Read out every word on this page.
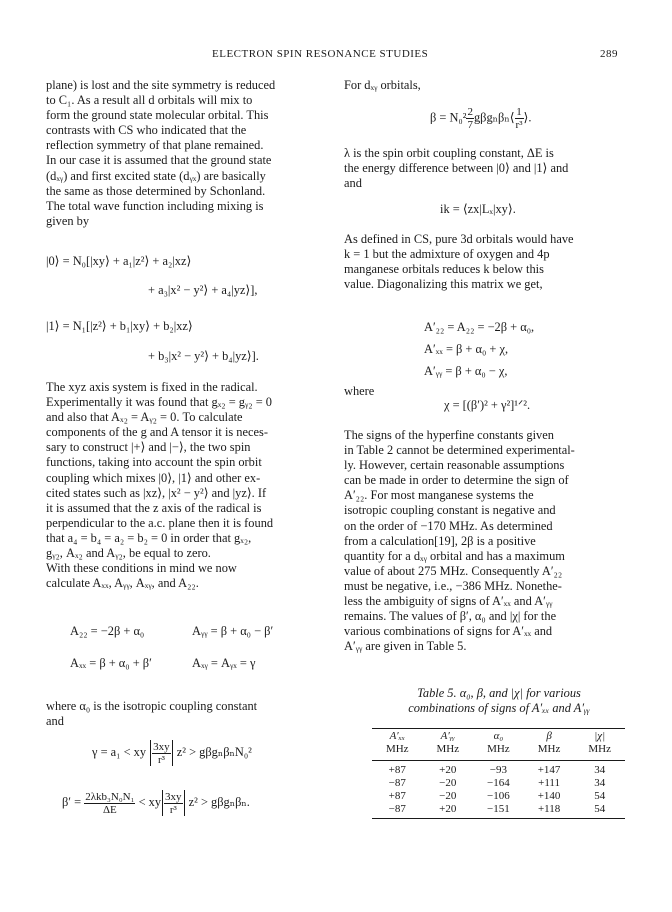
ELECTRON SPIN RESONANCE STUDIES	289

plane) is lost and the site symmetry is reduced

to C₁. As a result all d orbitals will mix to

form the ground state molecular orbital. This

contrasts with CS who indicated that the

reflection symmetry of that plane remained.

In our case it is assumed that the ground state

(dₓᵧ) and first excited state (dᵧₓ) are basically

the same as those determined by Schonland.

The total wave function including mixing is

given by

|0⟩ = N₀[|xy⟩ + a₁|z²⟩ + a₂|xz⟩
+ a₃|x² − y²⟩ + a₄|yz⟩],
|1⟩ = N₁[|z²⟩ + b₁|xy⟩ + b₂|xz⟩
+ b₃|x² − y²⟩ + b₄|yz⟩].

The xyz axis system is fixed in the radical.

Experimentally it was found that gₓ₂ = gᵧ₂ = 0

and also that Aₓ₂ = Aᵧ₂ = 0. To calculate

components of the g and A tensor it is neces-

sary to construct |+⟩ and |−⟩, the two spin

functions, taking into account the spin orbit

coupling which mixes |0⟩, |1⟩ and other ex-

cited states such as |xz⟩, |x² − y²⟩ and |yz⟩. If

it is assumed that the z axis of the radical is

perpendicular to the a.c. plane then it is found

that a₄ = b₄ = a₂ = b₂ = 0 in order that gₓ₂,

gᵧ₂, Aₓ₂ and Aᵧ₂, be equal to zero.

With these conditions in mind we now

calculate Aₓₓ, Aᵧᵧ, Aₓᵧ, and A₂₂.

A₂₂ = −2β + α₀	Aᵧᵧ = β + α₀ − β′
Aₓₓ = β + α₀ + β′	Aₓᵧ = Aᵧₓ = γ

where α₀ is the isotropic coupling constant

and

γ = a₁ < xy $\frac{3xy}{\text{r³}} z^2 > g\beta g_n\beta_nN_0^2$
$\beta' = \frac{\text{2λkb₃N₀N₁}}{\Delta E}$ < xy $\frac{3xy}{\text{r³}} z^2 > g\beta g_n\beta_n$.
For dₓᵧ orbitals,
$\beta = N_0^2 \frac{2}{7}$ gβgₙβₙ⟨ $\frac{1}{\text{r³}}$ ⟩.

λ is the spin orbit coupling constant, ΔE is

the energy difference between |0⟩ and |1⟩ and

and

ik = ⟨zx|Lₓ|xy⟩.

As defined in CS, pure 3d orbitals would have

k = 1 but the admixture of oxygen and 4p

manganese orbitals reduces k below this

value. Diagonalizing this matrix we get,

A′₂₂ = A₂₂ = −2β + α₀,
A′ₓₓ = β + α₀ + χ,
A′ᵧᵧ = β + α₀ − χ,
where
χ = [(β′)² + γ²]¹ᐟ².

The signs of the hyperfine constants given

in Table 2 cannot be determined experimental-

ly. However, certain reasonable assumptions

can be made in order to determine the sign of

A′₂₂. For most manganese systems the

isotropic coupling constant is negative and

on the order of −170 MHz. As determined

from a calculation[19], 2β is a positive

quantity for a dₓᵧ orbital and has a maximum

value of about 275 MHz. Consequently A′₂₂

must be negative, i.e., −386 MHz. Nonethe-

less the ambiguity of signs of A′ₓₓ and A′ᵧᵧ

remains. The values of β′, α₀ and |χ| for the

various combinations of signs for A′ₓₓ and

A′ᵧᵧ are given in Table 5.

Table 5. α₀, β, and |χ| for various
combinations of signs of A′ₓₓ and A′ᵧᵧ
A′ₓₓ	A′ᵧᵧ	α₀	β	|χ|
MHz	MHz	MHz	MHz	MHz
+87	+20	−93	+147	34
−87	−20	−164	+111	34
+87	−20	−106	+140	54
−87	+20	−151	+118	54
